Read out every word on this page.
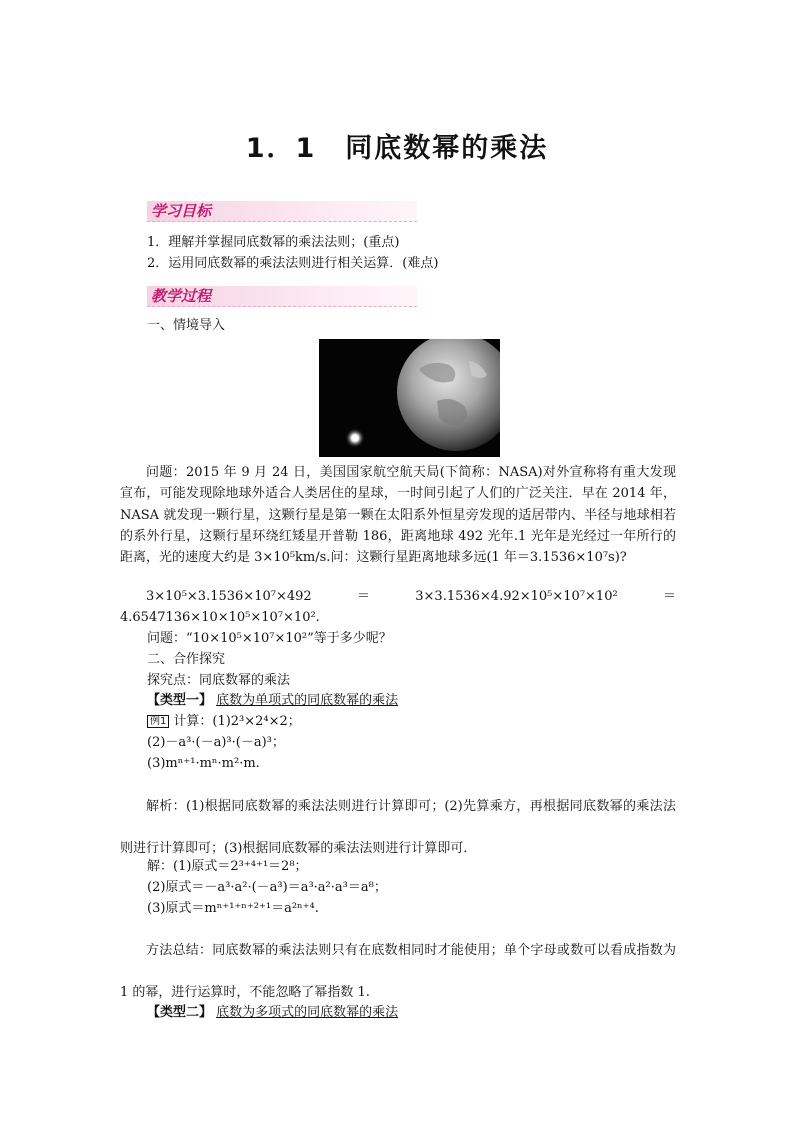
1．1　同底数幂的乘法
学习目标
1．理解并掌握同底数幂的乘法法则；(重点)
2．运用同底数幂的乘法法则进行相关运算．(难点)
教学过程
一、情境导入
问题：2015 年 9 月 24 日，美国国家航空航天局(下简称：NASA)对外宣称将有重大发现宣布，可能发现除地球外适合人类居住的星球，一时间引起了人们的广泛关注．早在 2014 年，NASA 就发现一颗行星，这颗行星是第一颗在太阳系外恒星旁发现的适居带内、半径与地球相若的系外行星，这颗行星环绕红矮星开普勒 186，距离地球 492 光年.1 光年是光经过一年所行的距离，光的速度大约是 3×10⁵km/s.问：这颗行星距离地球多远(1 年＝3.1536×10⁷s)?
3×10⁵×3.1536×10⁷×492＝3×3.1536×4.92×10⁵×10⁷×10²＝4.6547136×10×10⁵×10⁷×10².
问题：“10×10⁵×10⁷×10²”等于多少呢？
二、合作探究
探究点：同底数幂的乘法
【类型一】 底数为单项式的同底数幂的乘法
例1 计算：(1)2³×2⁴×2；
(2)－a³·(－a)³·(－a)³；
(3)mⁿ⁺¹·mⁿ·m²·m.
解析：(1)根据同底数幂的乘法法则进行计算即可；(2)先算乘方，再根据同底数幂的乘法法则进行计算即可；(3)根据同底数幂的乘法法则进行计算即可．
解：(1)原式＝2³⁺⁴⁺¹＝2⁸；
(2)原式＝－a³·a²·(－a³)＝a³·a²·a³＝a⁸；
(3)原式＝mⁿ⁺¹⁺ⁿ⁺²⁺¹＝a²ⁿ⁺⁴.
方法总结：同底数幂的乘法法则只有在底数相同时才能使用；单个字母或数可以看成指数为 1 的幂，进行运算时，不能忽略了幂指数 1.
【类型二】 底数为多项式的同底数幂的乘法
